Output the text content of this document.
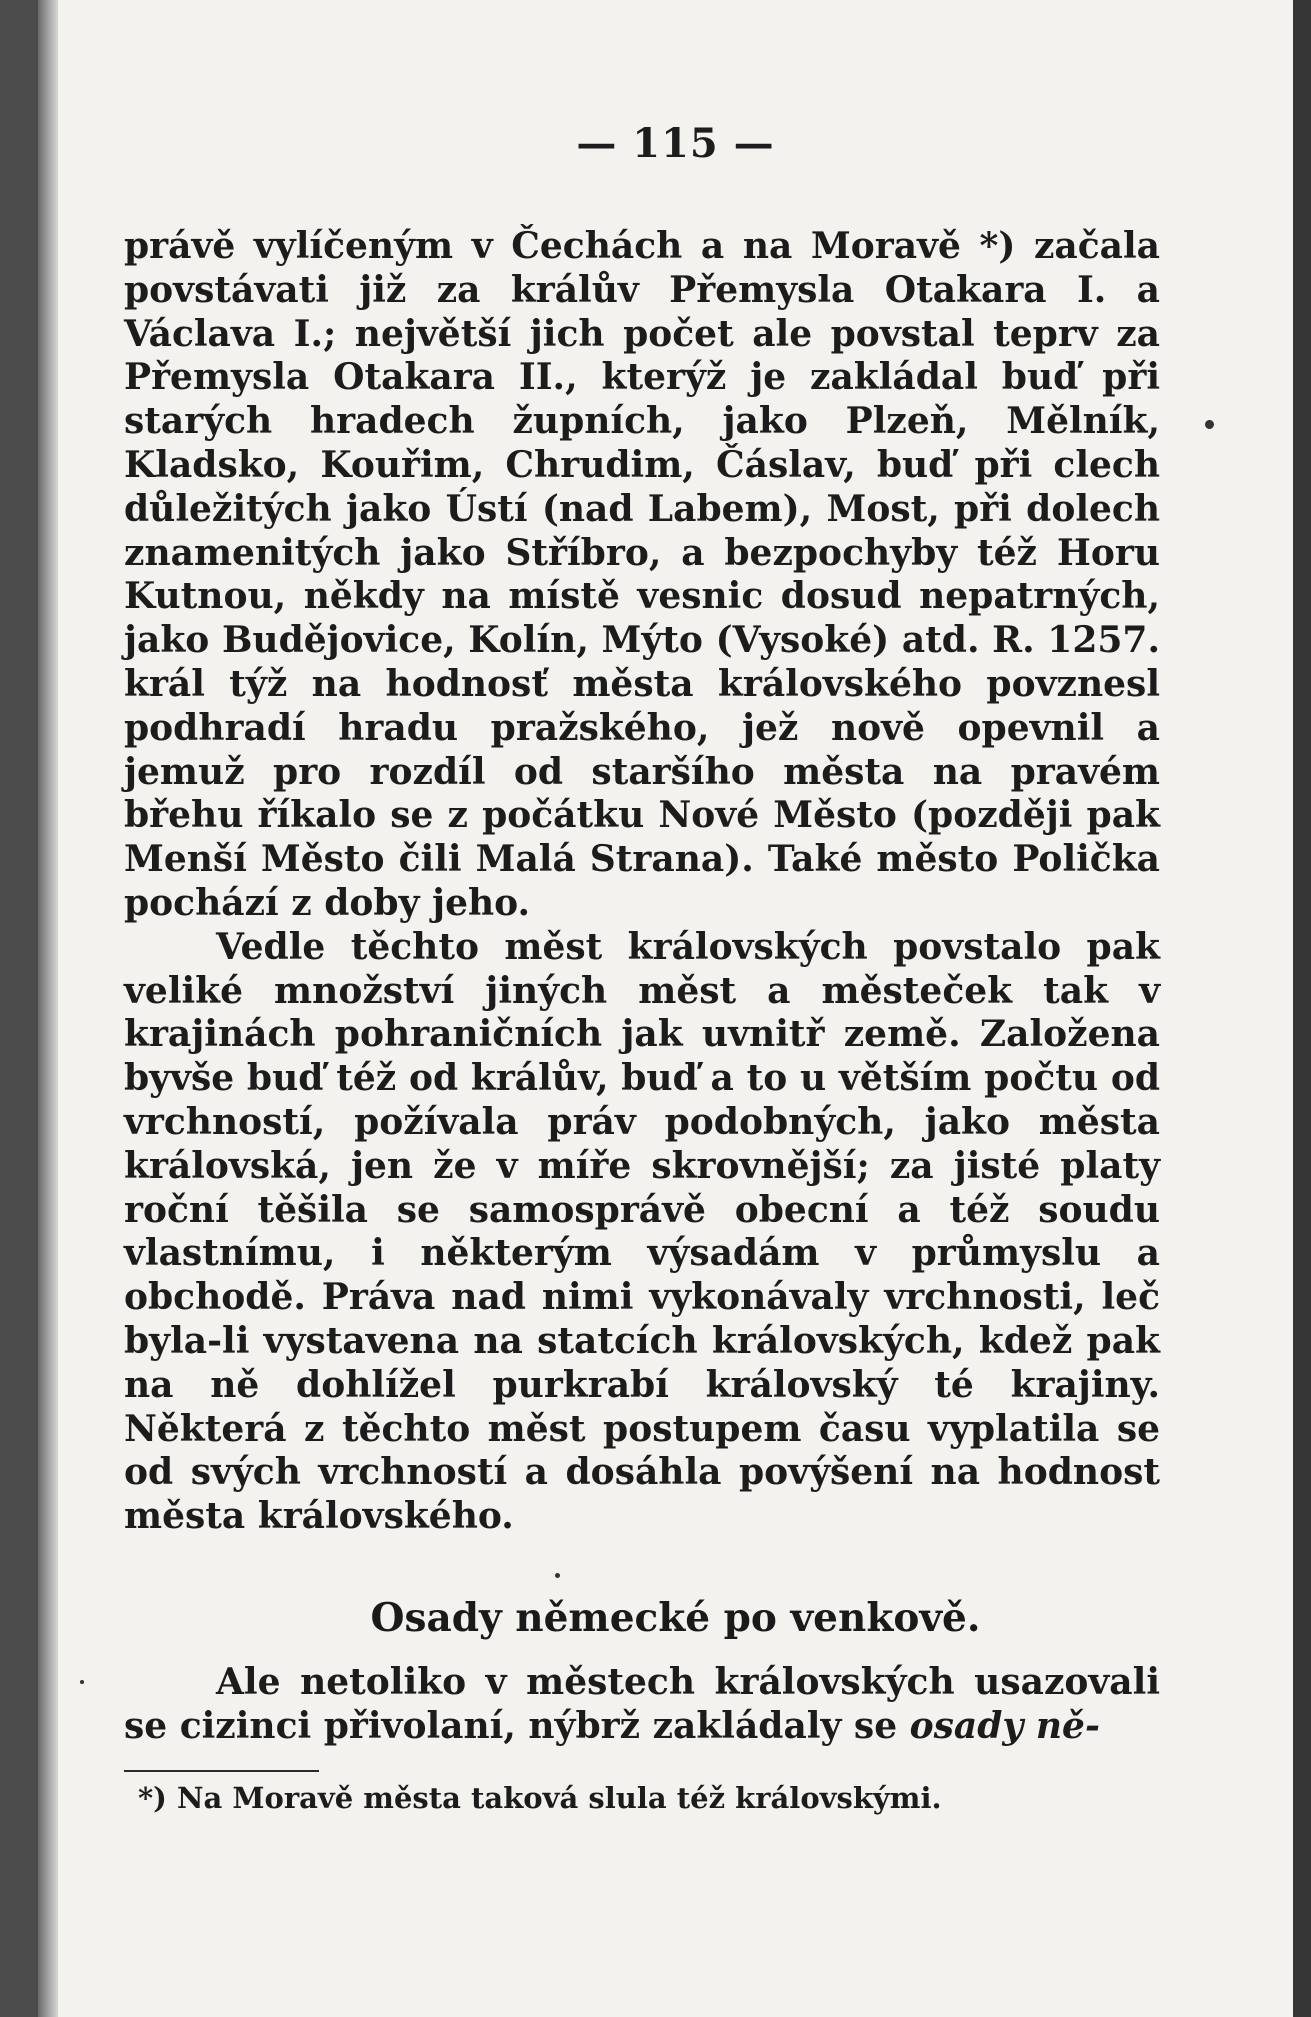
— 115 —

právě vylíčeným v Čechách a na Moravě *) začala povstávati již za králův Přemysla Otakara I. a Václava I.; největší jich počet ale povstal teprv za Přemysla Otakara II., kterýž je zakládal buď při starých hradech župních, jako Plzeň, Mělník, Kladsko, Kouřim, Chrudim, Čáslav, buď při clech důležitých jako Ústí (nad Labem), Most, při dolech znamenitých jako Stříbro, a bezpochyby též Horu Kutnou, někdy na místě vesnic dosud nepatrných, jako Budějovice, Kolín, Mýto (Vysoké) atd. R. 1257. král týž na hodnosť města královského povznesl podhradí hradu pražského, jež nově opevnil a jemuž pro rozdíl od staršího města na pravém břehu říkalo se z počátku Nové Město (později pak Menší Město čili Malá Strana). Také město Polička pochází z doby jeho.

Vedle těchto měst královských povstalo pak veliké množství jiných měst a městeček tak v krajinách pohraničních jak uvnitř země. Založena byvše buď též od králův, buď a to u větším počtu od vrchností, požívala práv podobných, jako města královská, jen že v míře skrovnější; za jisté platy roční těšila se samosprávě obecní a též soudu vlastnímu, i některým výsadám v průmyslu a obchodě. Práva nad nimi vykonávaly vrchnosti, leč byla-li vystavena na statcích královských, kdež pak na ně dohlížel purkrabí královský té krajiny. Některá z těchto měst postupem času vyplatila se od svých vrchností a dosáhla povýšení na hodnost města královského.

Osady německé po venkově.

Ale netoliko v městech královských usazovali se cizinci přivolaní, nýbrž zakládaly se osady ně-

*) Na Moravě města taková slula též královskými.
